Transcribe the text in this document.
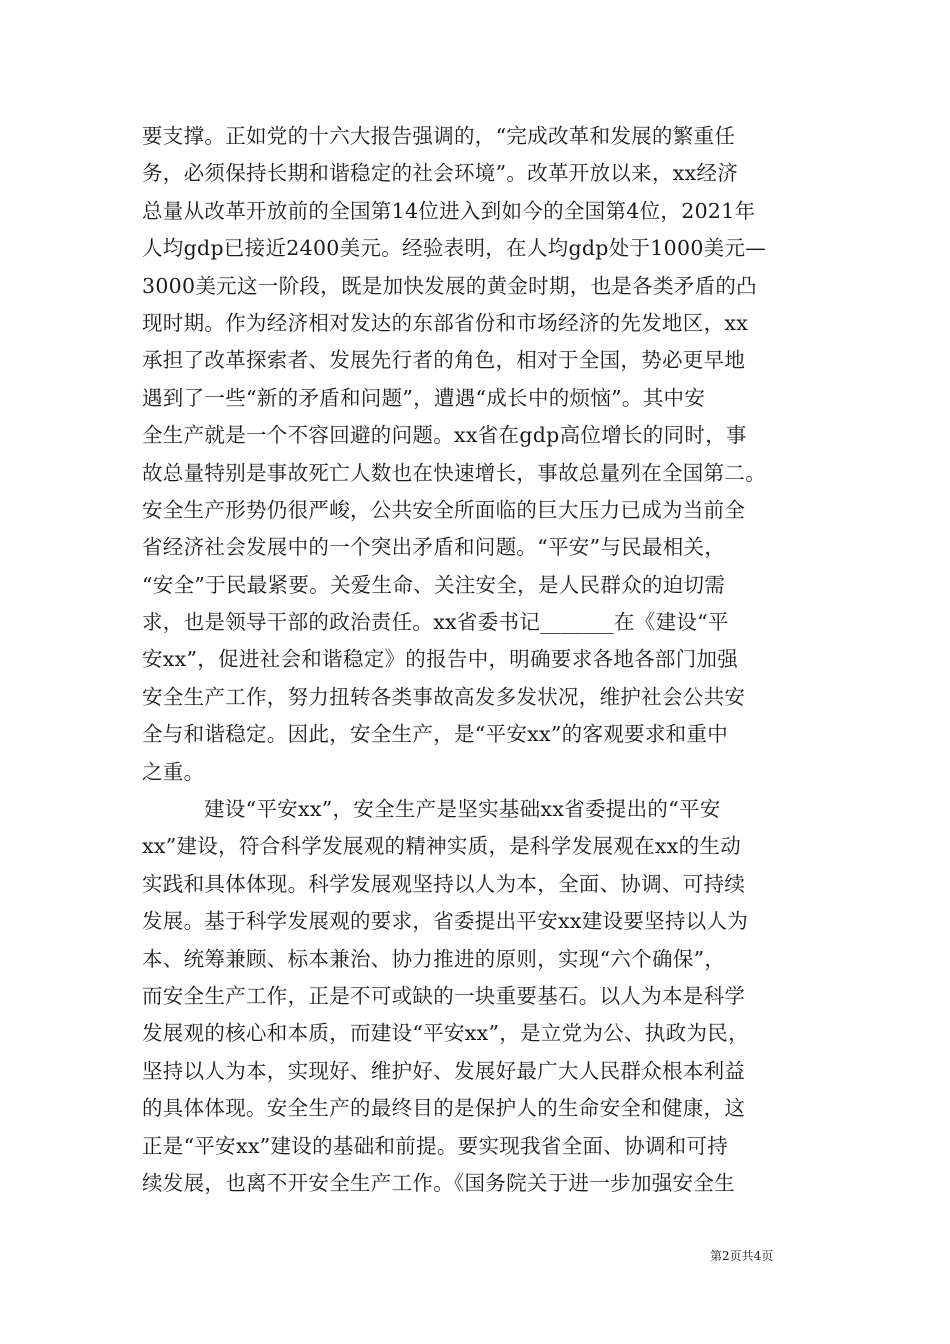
要支撑。正如党的十六大报告强调的，“完成改革和发展的繁重任
务，必须保持长期和谐稳定的社会环境”。改革开放以来，xx经济
总量从改革开放前的全国第14位进入到如今的全国第4位，2021年
人均gdp已接近2400美元。经验表明，在人均gdp处于1000美元—
3000美元这一阶段，既是加快发展的黄金时期，也是各类矛盾的凸
现时期。作为经济相对发达的东部省份和市场经济的先发地区，xx
承担了改革探索者、发展先行者的角色，相对于全国，势必更早地
遇到了一些“新的矛盾和问题”，遭遇“成长中的烦恼”。其中安
全生产就是一个不容回避的问题。xx省在gdp高位增长的同时，事
故总量特别是事故死亡人数也在快速增长，事故总量列在全国第二。
安全生产形势仍很严峻，公共安全所面临的巨大压力已成为当前全
省经济社会发展中的一个突出矛盾和问题。“平安”与民最相关，
“安全”于民最紧要。关爱生命、关注安全，是人民群众的迫切需
求，也是领导干部的政治责任。xx省委书记_______在《建设“平
安xx”，促进社会和谐稳定》的报告中，明确要求各地各部门加强
安全生产工作，努力扭转各类事故高发多发状况，维护社会公共安
全与和谐稳定。因此，安全生产，是“平安xx”的客观要求和重中
之重。
建设“平安xx”，安全生产是坚实基础xx省委提出的“平安
xx”建设，符合科学发展观的精神实质，是科学发展观在xx的生动
实践和具体体现。科学发展观坚持以人为本，全面、协调、可持续
发展。基于科学发展观的要求，省委提出平安xx建设要坚持以人为
本、统筹兼顾、标本兼治、协力推进的原则，实现“六个确保”，
而安全生产工作，正是不可或缺的一块重要基石。以人为本是科学
发展观的核心和本质，而建设“平安xx”，是立党为公、执政为民，
坚持以人为本，实现好、维护好、发展好最广大人民群众根本利益
的具体体现。安全生产的最终目的是保护人的生命安全和健康，这
正是“平安xx”建设的基础和前提。要实现我省全面、协调和可持
续发展，也离不开安全生产工作。《国务院关于进一步加强安全生
第2页共4页
